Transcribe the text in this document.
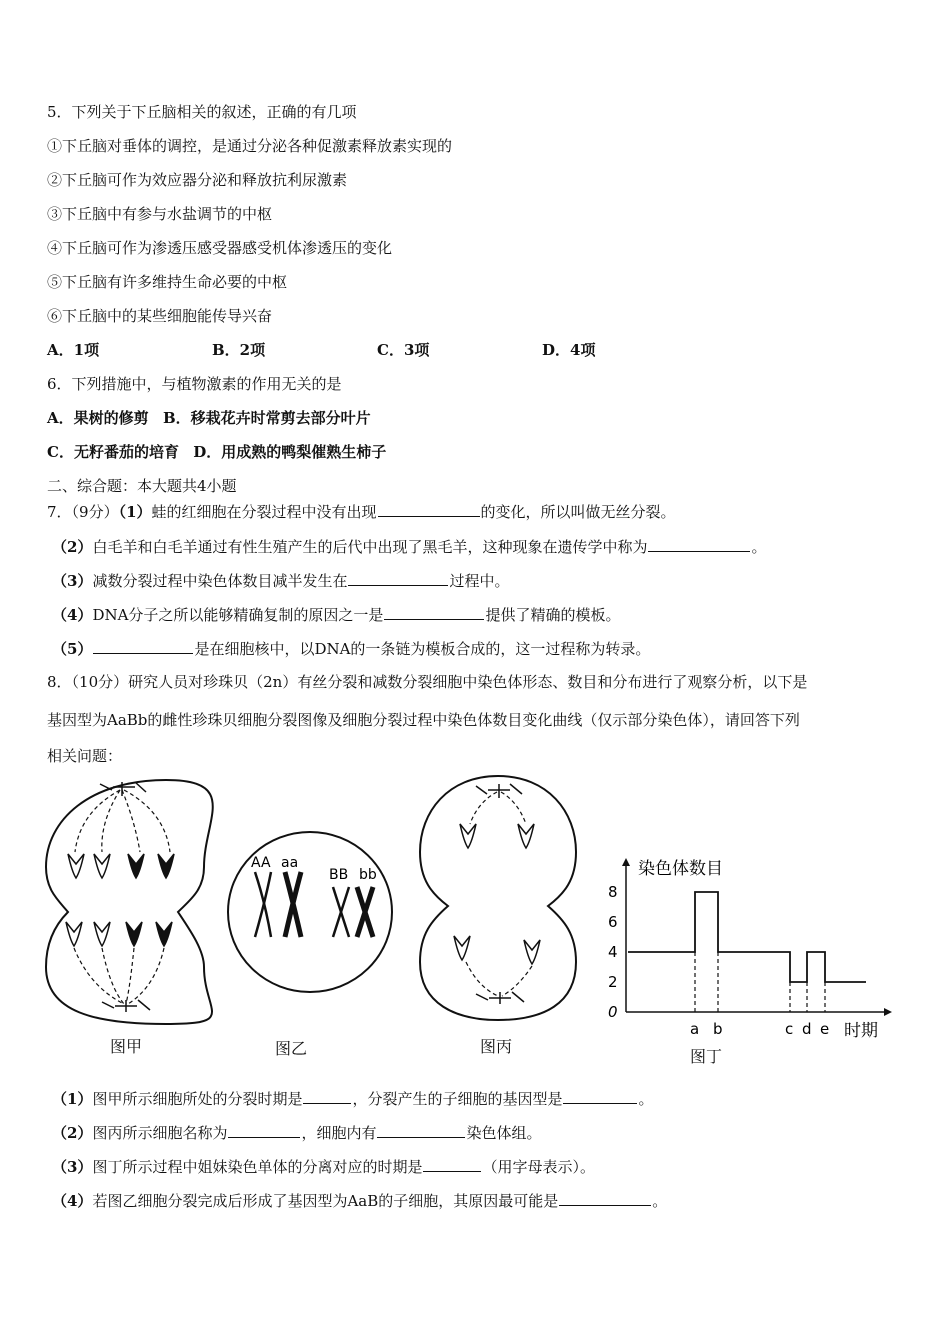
5．下列关于下丘脑相关的叙述，正确的有几项
①下丘脑对垂体的调控，是通过分泌各种促激素释放素实现的
②下丘脑可作为效应器分泌和释放抗利尿激素
③下丘脑中有参与水盐调节的中枢
④下丘脑可作为渗透压感受器感受机体渗透压的变化
⑤下丘脑有许多维持生命必要的中枢
⑥下丘脑中的某些细胞能传导兴奋
A．1项	B．2项	C．3项	D．4项
6．下列措施中，与植物激素的作用无关的是
A．果树的修剪 B．移栽花卉时常剪去部分叶片
C．无籽番茄的培育 D．用成熟的鸭梨催熟生柿子
二、综合题：本大题共4小题
7．（9分）（1）蛙的红细胞在分裂过程中没有出现	的变化，所以叫做无丝分裂。
（2）白毛羊和白毛羊通过有性生殖产生的后代中出现了黑毛羊，这种现象在遗传学中称为	。
（3）减数分裂过程中染色体数目减半发生在	过程中。
（4）DNA分子之所以能够精确复制的原因之一是	提供了精确的模板。
（5）	是在细胞核中，以DNA的一条链为模板合成的，这一过程称为转录。
8．（10分）研究人员对珍珠贝（2n）有丝分裂和减数分裂细胞中染色体形态、数目和分布进行了观察分析，以下是
基因型为AaBb的雌性珍珠贝细胞分裂图像及细胞分裂过程中染色体数目变化曲线（仅示部分染色体），请回答下列
相关问题：
AA aa
BB bb
图甲	图乙	图丙
染色体数目
时期
0
2
4
6
8
a b	c d e
图丁
（1）图甲所示细胞所处的分裂时期是	，分裂产生的子细胞的基因型是	。
（2）图丙所示细胞名称为	，细胞内有	染色体组。
（3）图丁所示过程中姐妹染色单体的分离对应的时期是	（用字母表示）。
（4）若图乙细胞分裂完成后形成了基因型为AaB的子细胞，其原因最可能是	。
